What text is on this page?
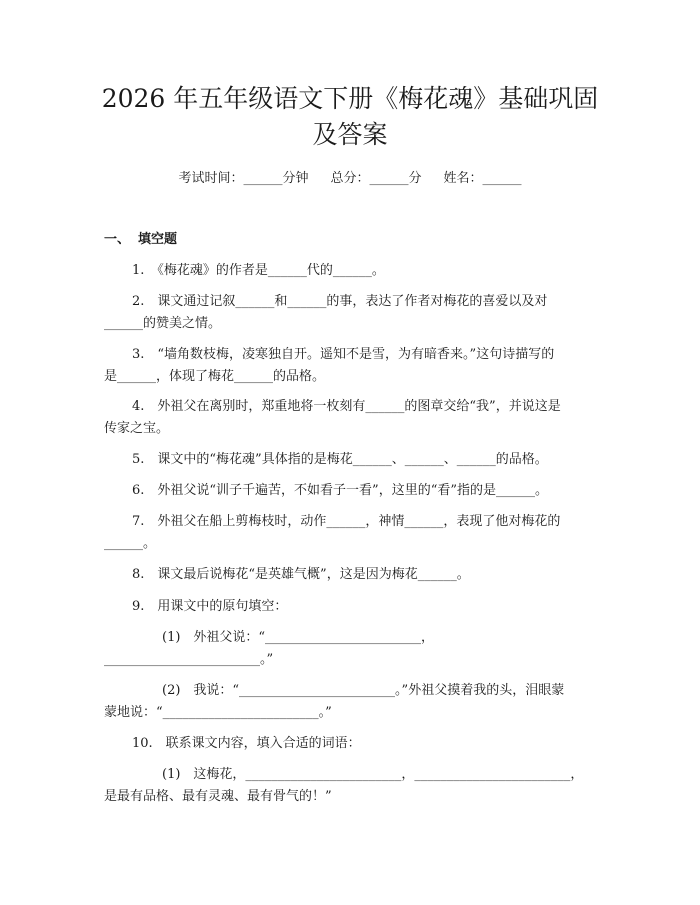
2026 年五年级语文下册《梅花魂》基础巩固
及答案
考试时间：______分钟 总分：______分 姓名：______
一、 填空题
1.　《梅花魂》的作者是______代的______。
2.　课文通过记叙______和______的事，表达了作者对梅花的喜爱以及对
______的赞美之情。
3.　“墙角数枝梅，凌寒独自开。遥知不是雪，为有暗香来。”这句诗描写的
是______，体现了梅花______的品格。
4.　外祖父在离别时，郑重地将一枚刻有______的图章交给“我”，并说这是
传家之宝。
5.　课文中的“梅花魂”具体指的是梅花______、______、______的品格。
6.　外祖父说“训子千遍苦，不如看子一看”，这里的“看”指的是______。
7.　外祖父在船上剪梅枝时，动作______，神情______，表现了他对梅花的
______。
8.　课文最后说梅花“是英雄气概”，这是因为梅花______。
9.　用课文中的原句填空：
(1)　外祖父说：“________________________，
________________________。”
(2)　我说：“________________________。”外祖父摸着我的头，泪眼蒙
蒙地说：“________________________。”
10.　联系课文内容，填入合适的词语：
(1)　这梅花，________________________，________________________，
是最有品格、最有灵魂、最有骨气的！”
